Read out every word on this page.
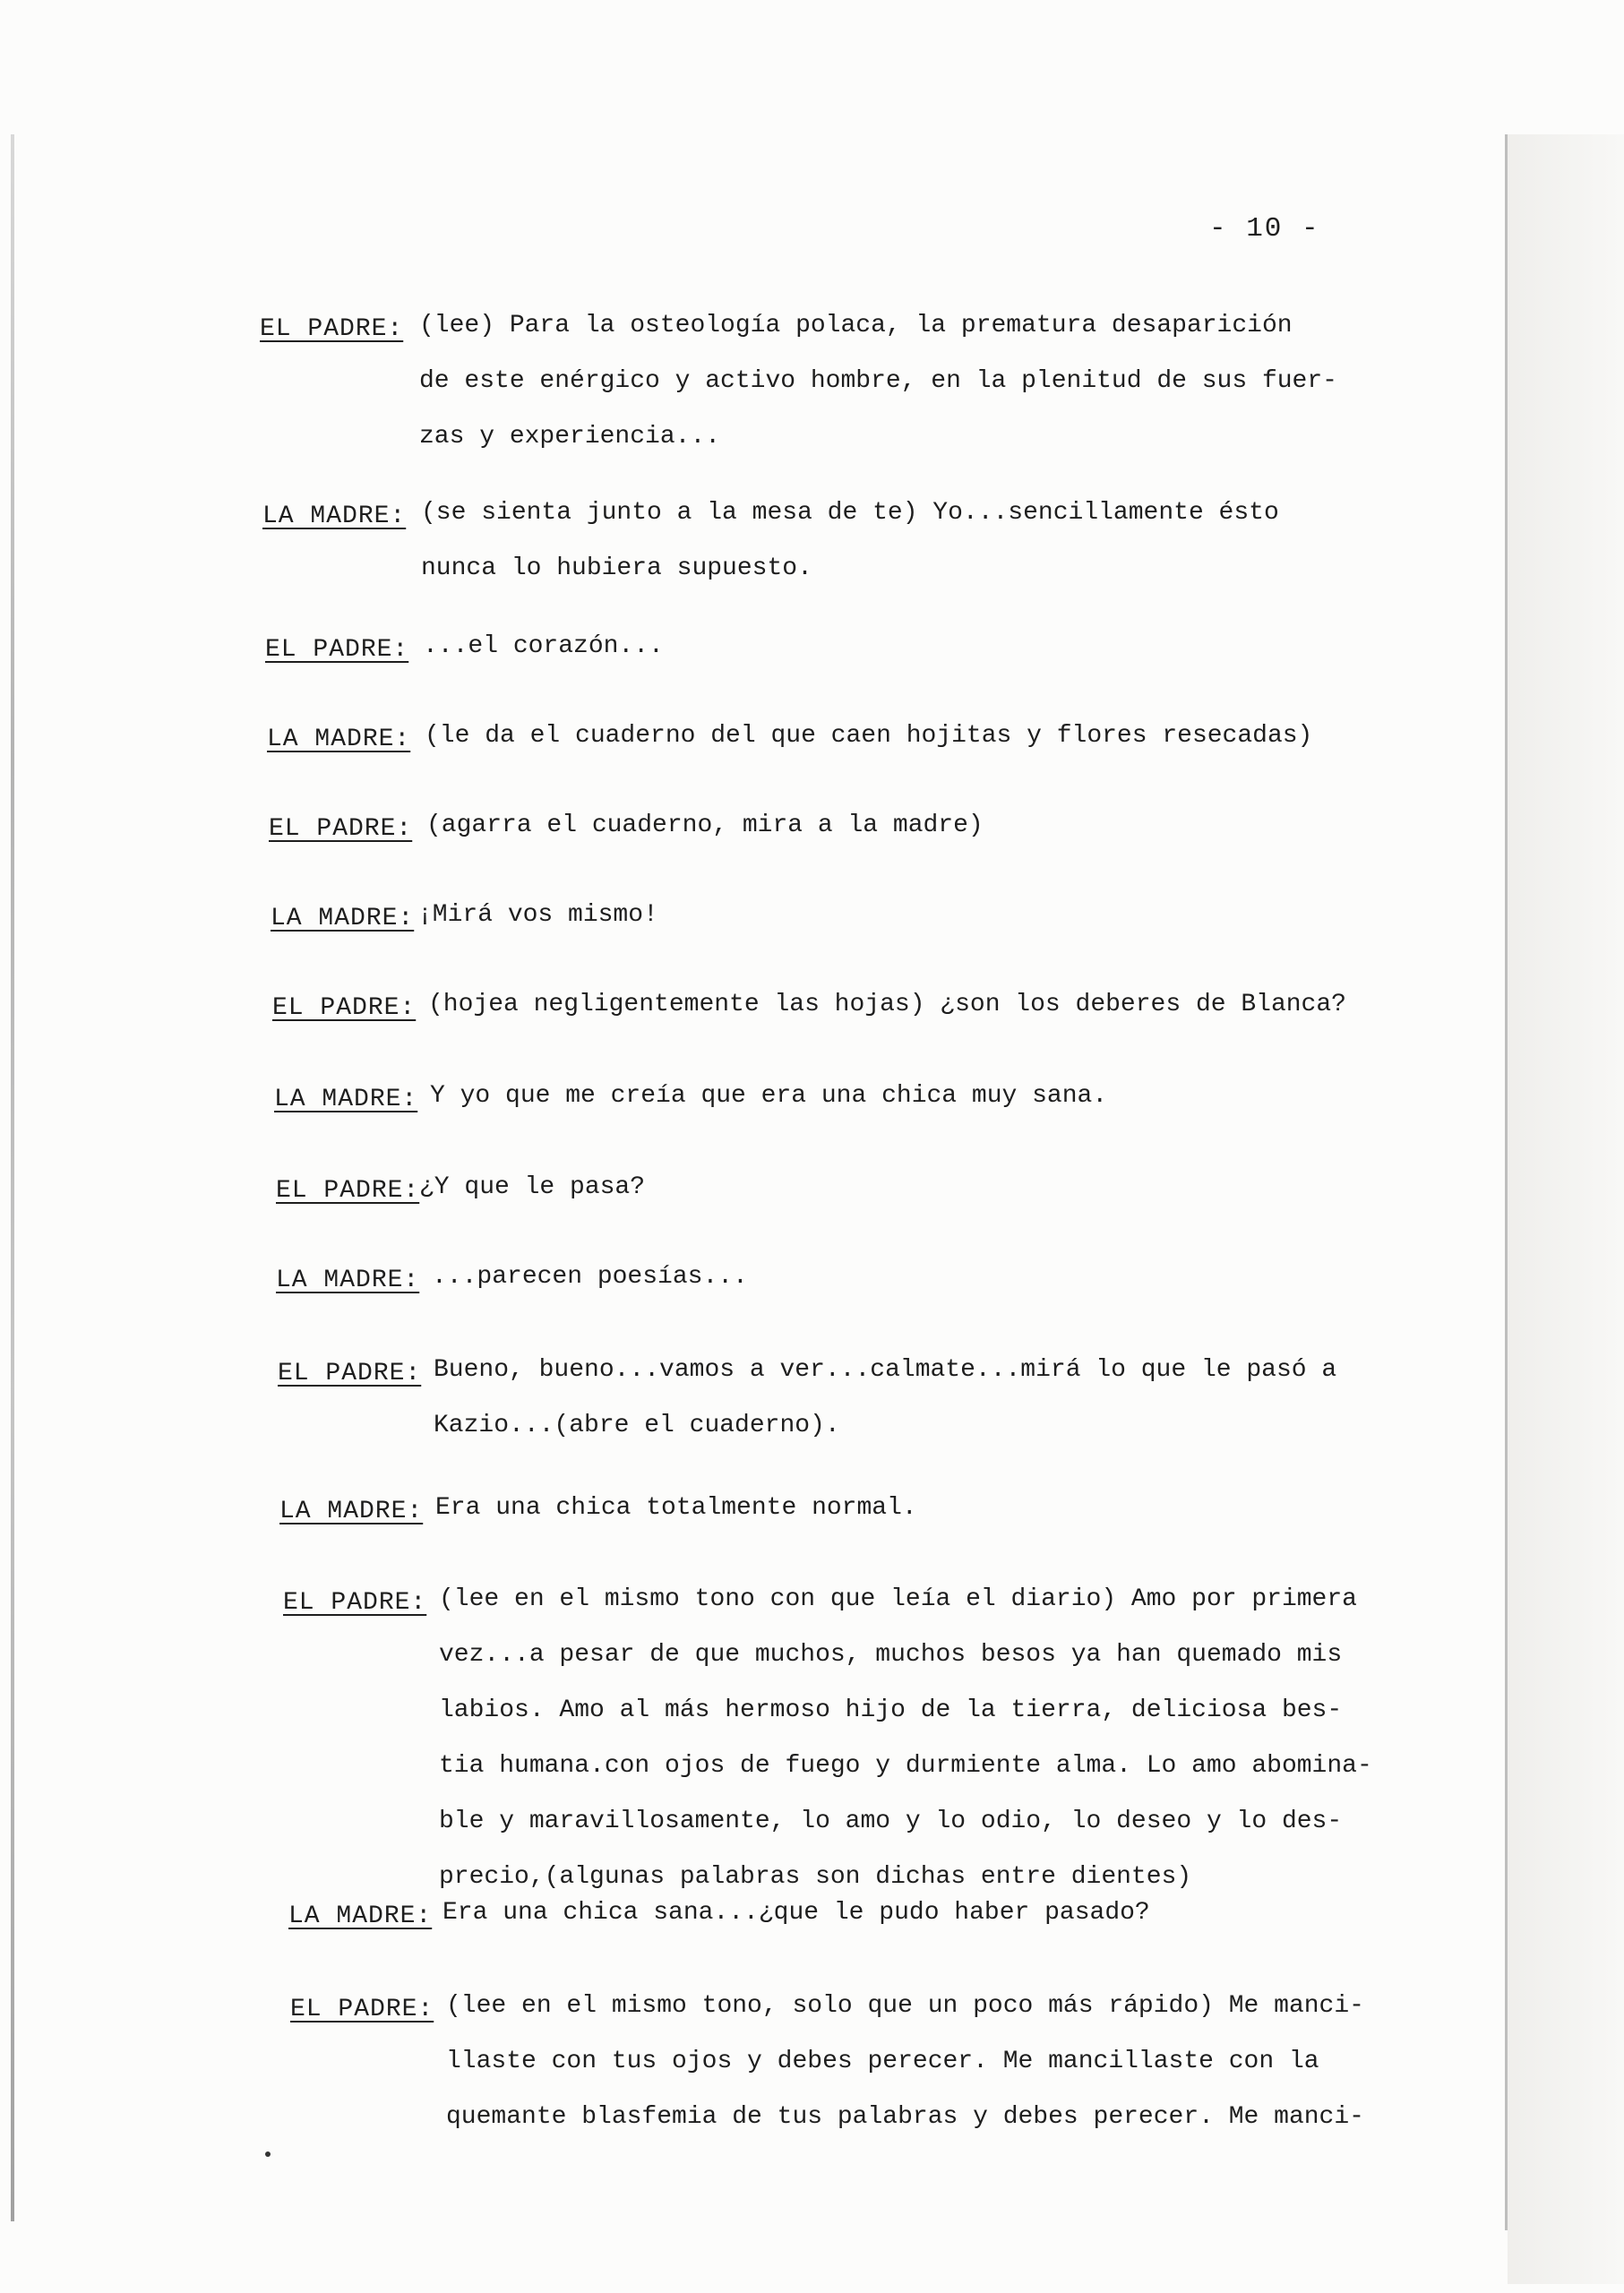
- 10 -
EL PADRE: (lee) Para la osteología polaca, la prematura desaparición
de este enérgico y activo hombre, en la plenitud de sus fuer-
zas y experiencia...
LA MADRE: (se sienta junto a la mesa de te) Yo...sencillamente ésto
nunca lo hubiera supuesto.
EL PADRE: ...el corazón...
LA MADRE: (le da el cuaderno del que caen hojitas y flores resecadas)
EL PADRE: (agarra el cuaderno, mira a la madre)
LA MADRE: ¡Mirá vos mismo!
EL PADRE: (hojea negligentemente las hojas) ¿son los deberes de Blanca?
LA MADRE: Y yo que me creía que era una chica muy sana.
EL PADRE: ¿Y que le pasa?
LA MADRE: ...parecen poesías...
EL PADRE: Bueno, bueno...vamos a ver...calmate...mirá lo que le pasó a
Kazio...(abre el cuaderno).
LA MADRE: Era una chica totalmente normal.
EL PADRE: (lee en el mismo tono con que leía el diario) Amo por primera
vez...a pesar de que muchos, muchos besos ya han quemado mis
labios. Amo al más hermoso hijo de la tierra, deliciosa bes-
tia humana.con ojos de fuego y durmiente alma. Lo amo abomina-
ble y maravillosamente, lo amo y lo odio, lo deseo y lo des-
precio,(algunas palabras son dichas entre dientes)
LA MADRE: Era una chica sana...¿que le pudo haber pasado?
EL PADRE: (lee en el mismo tono, solo que un poco más rápido) Me manci-
llaste con tus ojos y debes perecer. Me mancillaste con la
quemante blasfemia de tus palabras y debes perecer. Me manci-
